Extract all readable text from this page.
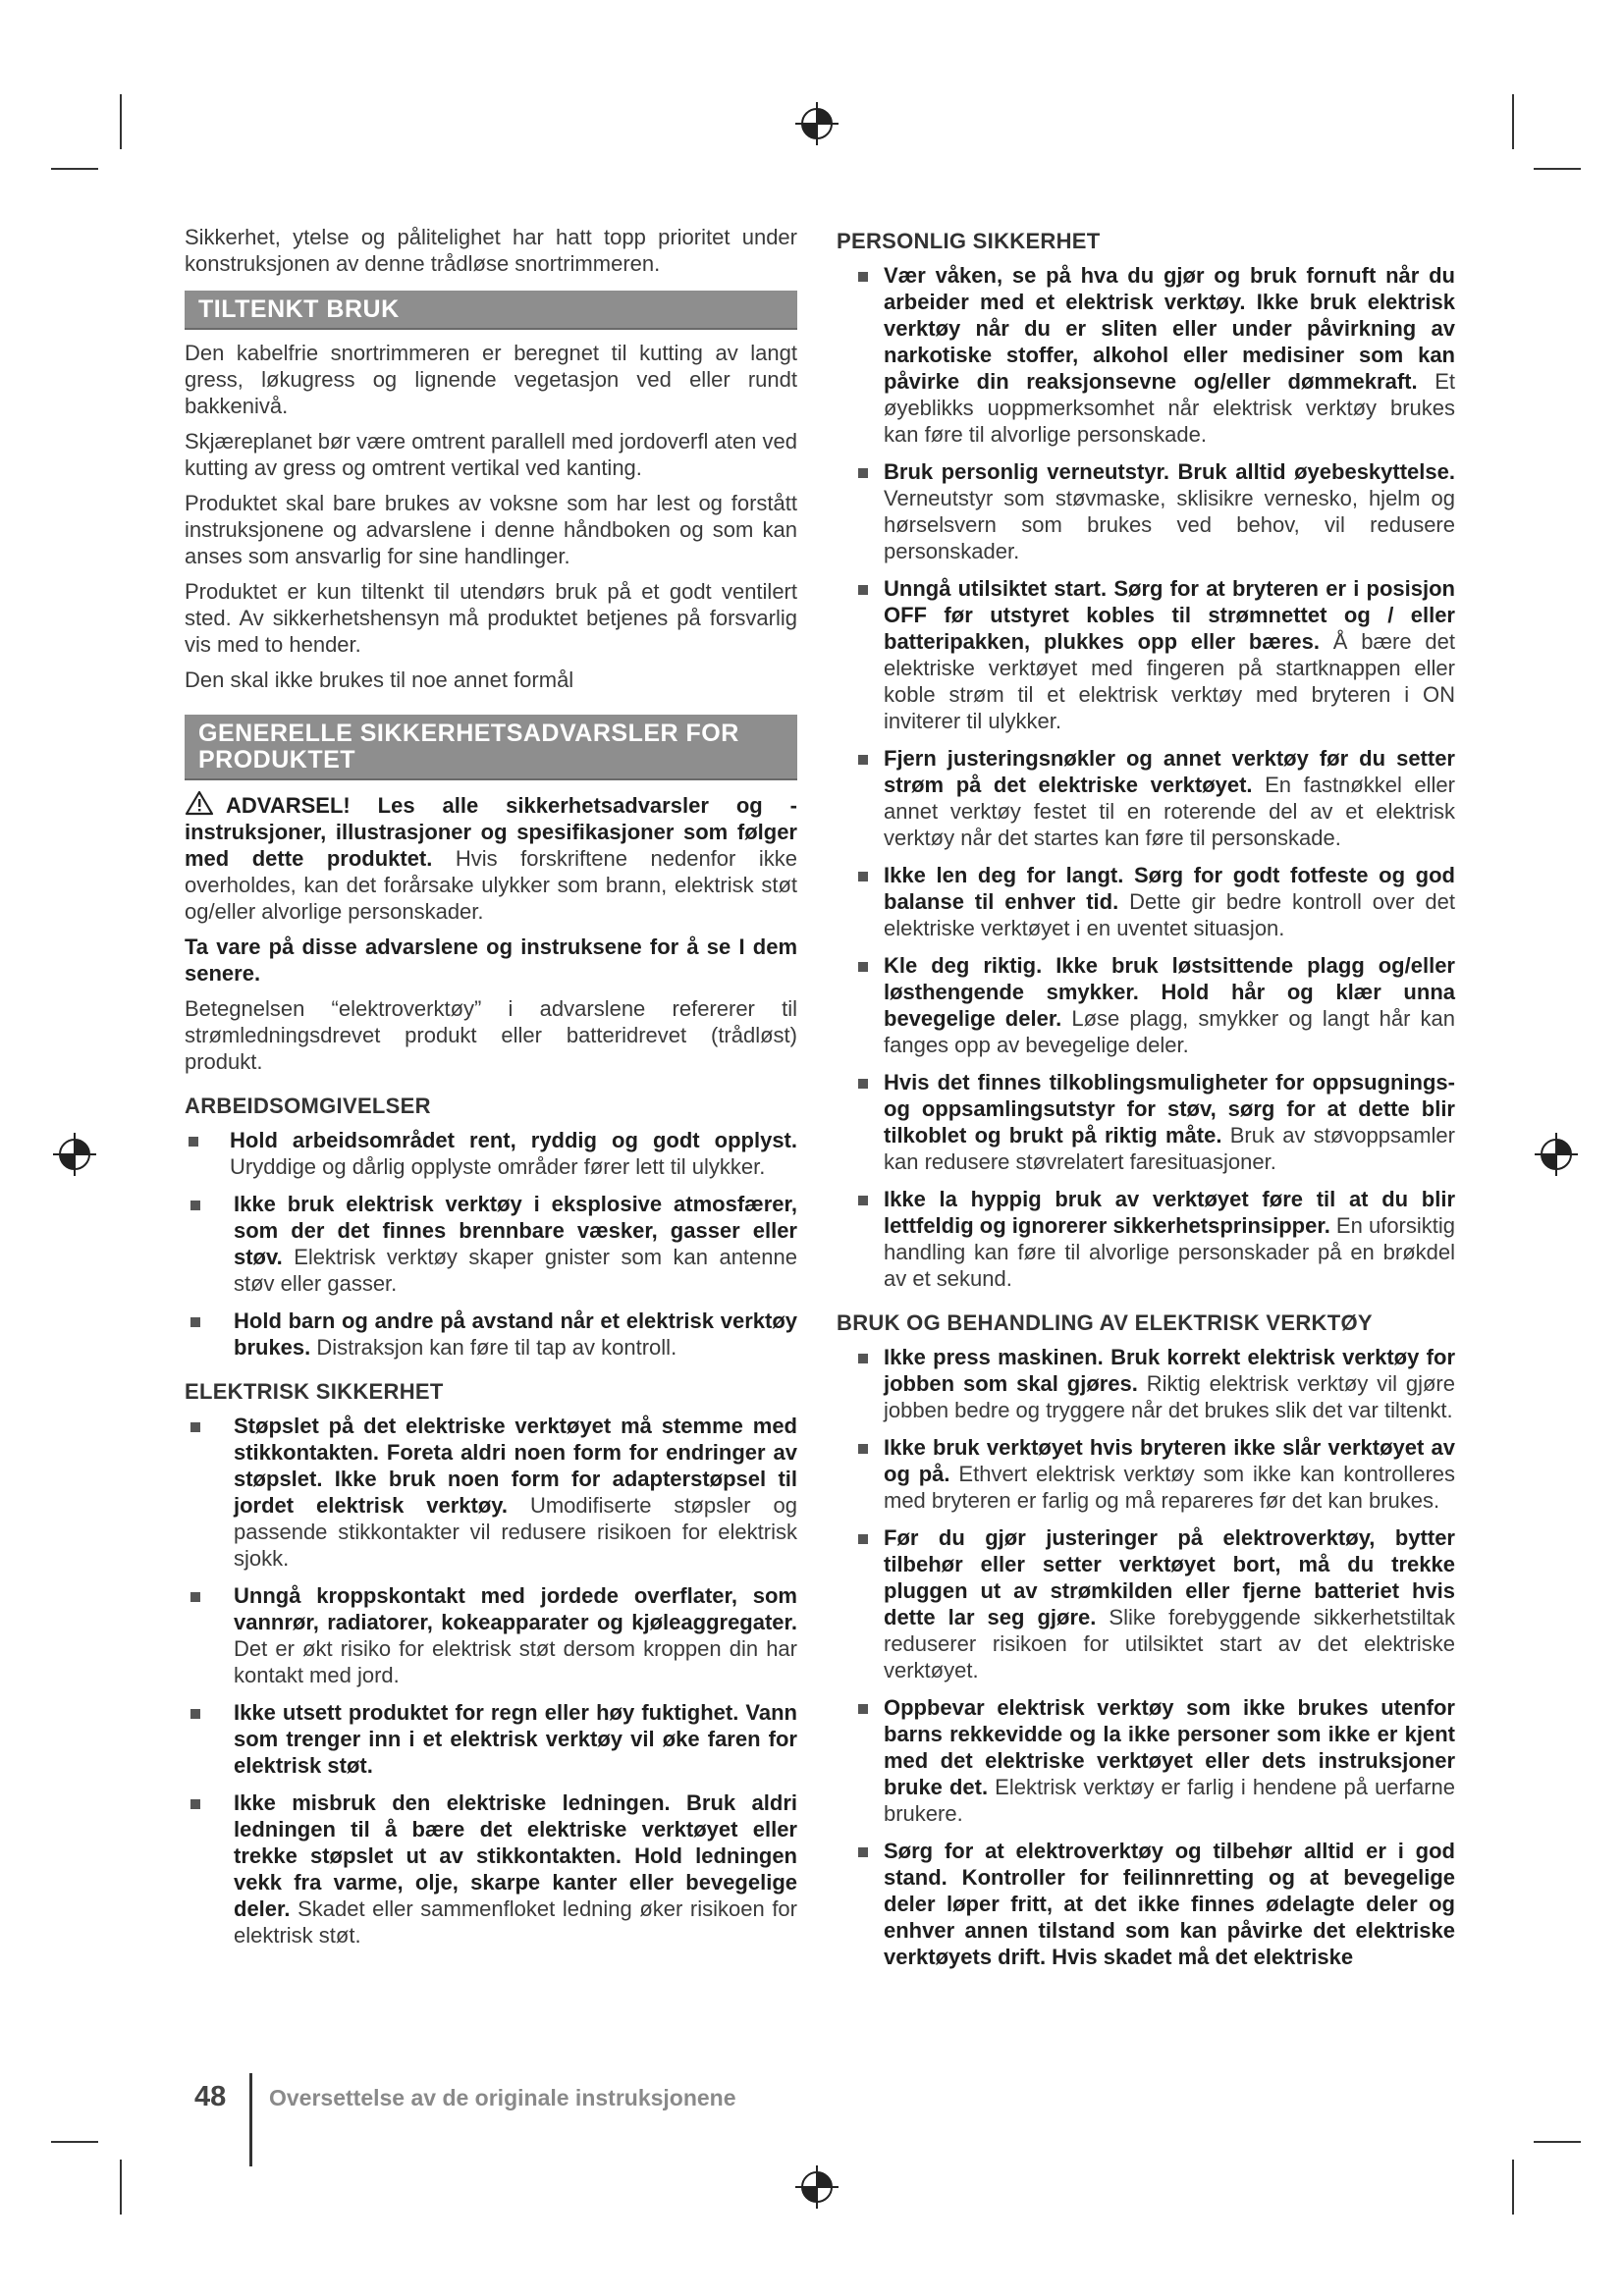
Sikkerhet, ytelse og pålitelighet har hatt topp prioritet under konstruksjonen av denne trådløse snortrimmeren.

TILTENKT BRUK

Den kabelfrie snortrimmeren er beregnet til kutting av langt gress, løkugress og lignende vegetasjon ved eller rundt bakkenivå.

Skjæreplanet bør være omtrent parallell med jordoverfl aten ved kutting av gress og omtrent vertikal ved kanting.

Produktet skal bare brukes av voksne som har lest og forstått instruksjonene og advarslene i denne håndboken og som kan anses som ansvarlig for sine handlinger.

Produktet er kun tiltenkt til utendørs bruk på et godt ventilert sted. Av sikkerhetshensyn må produktet betjenes på forsvarlig vis med to hender.

Den skal ikke brukes til noe annet formål

GENERELLE SIKKERHETSADVARSLER FOR PRODUKTET

ADVARSEL! Les alle sikkerhetsadvarsler og -instruksjoner, illustrasjoner og spesifikasjoner som følger med dette produktet. Hvis forskriftene nedenfor ikke overholdes, kan det forårsake ulykker som brann, elektrisk støt og/eller alvorlige personskader.

Ta vare på disse advarslene og instruksene for å se I dem senere.

Betegnelsen “elektroverktøy” i advarslene refererer til strømledningsdrevet produkt eller batteridrevet (trådløst) produkt.

ARBEIDSOMGIVELSER
Hold arbeidsområdet rent, ryddig og godt opplyst. Uryddige og dårlig opplyste områder fører lett til ulykker.
Ikke bruk elektrisk verktøy i eksplosive atmosfærer, som der det finnes brennbare væsker, gasser eller støv. Elektrisk verktøy skaper gnister som kan antenne støv eller gasser.
Hold barn og andre på avstand når et elektrisk verktøy brukes. Distraksjon kan føre til tap av kontroll.
ELEKTRISK SIKKERHET
Støpslet på det elektriske verktøyet må stemme med stikkontakten. Foreta aldri noen form for endringer av støpslet. Ikke bruk noen form for adapterstøpsel til jordet elektrisk verktøy. Umodifiserte støpsler og passende stikkontakter vil redusere risikoen for elektrisk sjokk.
Unngå kroppskontakt med jordede overflater, som vannrør, radiatorer, kokeapparater og kjøleaggregater. Det er økt risiko for elektrisk støt dersom kroppen din har kontakt med jord.
Ikke utsett produktet for regn eller høy fuktighet. Vann som trenger inn i et elektrisk verktøy vil øke faren for elektrisk støt.
Ikke misbruk den elektriske ledningen. Bruk aldri ledningen til å bære det elektriske verktøyet eller trekke støpslet ut av stikkontakten. Hold ledningen vekk fra varme, olje, skarpe kanter eller bevegelige deler. Skadet eller sammenfloket ledning øker risikoen for elektrisk støt.
PERSONLIG SIKKERHET
Vær våken, se på hva du gjør og bruk fornuft når du arbeider med et elektrisk verktøy. Ikke bruk elektrisk verktøy når du er sliten eller under påvirkning av narkotiske stoffer, alkohol eller medisiner som kan påvirke din reaksjonsevne og/eller dømmekraft. Et øyeblikks uoppmerksomhet når elektrisk verktøy brukes kan føre til alvorlige personskade.
Bruk personlig verneutstyr. Bruk alltid øyebeskyttelse. Verneutstyr som støvmaske, sklisikre vernesko, hjelm og hørselsvern som brukes ved behov, vil redusere personskader.
Unngå utilsiktet start. Sørg for at bryteren er i posisjon OFF før utstyret kobles til strømnettet og / eller batteripakken, plukkes opp eller bæres. Å bære det elektriske verktøyet med fingeren på startknappen eller koble strøm til et elektrisk verktøy med bryteren i ON inviterer til ulykker.
Fjern justeringsnøkler og annet verktøy før du setter strøm på det elektriske verktøyet. En fastnøkkel eller annet verktøy festet til en roterende del av et elektrisk verktøy når det startes kan føre til personskade.
Ikke len deg for langt. Sørg for godt fotfeste og god balanse til enhver tid. Dette gir bedre kontroll over det elektriske verktøyet i en uventet situasjon.
Kle deg riktig. Ikke bruk løstsittende plagg og/eller løsthengende smykker. Hold hår og klær unna bevegelige deler. Løse plagg, smykker og langt hår kan fanges opp av bevegelige deler.
Hvis det finnes tilkoblingsmuligheter for oppsugnings- og oppsamlingsutstyr for støv, sørg for at dette blir tilkoblet og brukt på riktig måte. Bruk av støvoppsamler kan redusere støvrelatert faresituasjoner.
Ikke la hyppig bruk av verktøyet føre til at du blir lettfeldig og ignorerer sikkerhetsprinsipper. En uforsiktig handling kan føre til alvorlige personskader på en brøkdel av et sekund.
BRUK OG BEHANDLING AV ELEKTRISK VERKTØY
Ikke press maskinen. Bruk korrekt elektrisk verktøy for jobben som skal gjøres. Riktig elektrisk verktøy vil gjøre jobben bedre og tryggere når det brukes slik det var tiltenkt.
Ikke bruk verktøyet hvis bryteren ikke slår verktøyet av og på. Ethvert elektrisk verktøy som ikke kan kontrolleres med bryteren er farlig og må repareres før det kan brukes.
Før du gjør justeringer på elektroverktøy, bytter tilbehør eller setter verktøyet bort, må du trekke pluggen ut av strømkilden eller fjerne batteriet hvis dette lar seg gjøre. Slike forebyggende sikkerhetstiltak reduserer risikoen for utilsiktet start av det elektriske verktøyet.
Oppbevar elektrisk verktøy som ikke brukes utenfor barns rekkevidde og la ikke personer som ikke er kjent med det elektriske verktøyet eller dets instruksjoner bruke det. Elektrisk verktøy er farlig i hendene på uerfarne brukere.
Sørg for at elektroverktøy og tilbehør alltid er i god stand. Kontroller for feilinnretting og at bevegelige deler løper fritt, at det ikke finnes ødelagte deler og enhver annen tilstand som kan påvirke det elektriske verktøyets drift. Hvis skadet må det elektriske
48 Oversettelse av de originale instruksjonene
